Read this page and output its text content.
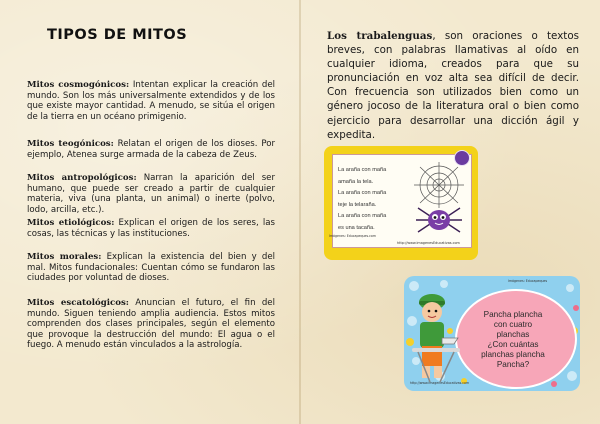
TIPOS DE MITOS

Mitos cosmogónicos: Intentan explicar la creación del mundo. Son los más universalmente extendidos y de los que existe mayor cantidad. A menudo, se sitúa el origen de la tierra en un océano primigenio.

Mitos teogónicos: Relatan el origen de los dioses. Por ejemplo, Atenea surge armada de la cabeza de Zeus.

Mitos antropológicos: Narran la aparición del ser humano, que puede ser creado a partir de cualquier materia, viva (una planta, un animal) o inerte (polvo, lodo, arcilla, etc.).

Mitos etiológicos: Explican el origen de los seres, las cosas, las técnicas y las instituciones.

Mitos morales: Explican la existencia del bien y del mal. Mitos fundacionales: Cuentan cómo se fundaron las ciudades por voluntad de dioses.

Mitos escatológicos: Anuncian el futuro, el fin del mundo. Siguen teniendo amplia audiencia. Estos mitos comprenden dos clases principales, según el elemento que provoque la destrucción del mundo: El agua o el fuego. A menudo están vinculados a la astrología.

Los trabalenguas, son oraciones o textos breves, con palabras llamativas al oído en cualquier idioma, creados para que su pronunciación en voz alta sea difícil de decir. Con frecuencia son utilizados bien como un género jocoso de la literatura oral o bien como ejercicio para desarrollar una dicción ágil y expedita.

La araña con maña
amaña la tela.
La araña con maña
teje la telaraña.
La araña con maña
es una tacaña.
Imágenes: Educapeques.com
http://www.imagenesEducativas.com
Pancha plancha
con cuatro
planchas
¿Con cuántas
planchas plancha
Pancha?
Imágenes: Educapeques
http://www.imagenesEducativas.com
